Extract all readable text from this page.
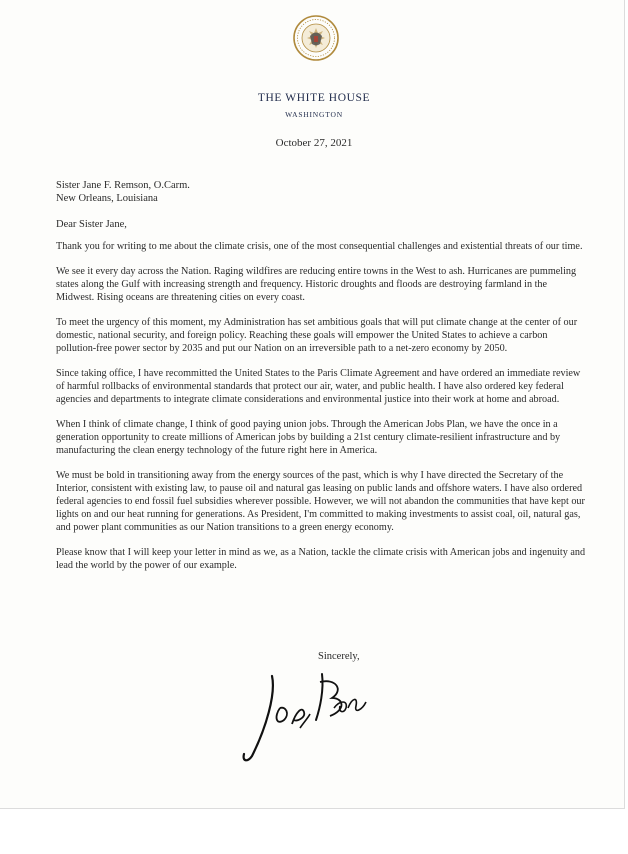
THE WHITE HOUSE
WASHINGTON
October 27, 2021
Sister Jane F. Remson, O.Carm.
New Orleans, Louisiana
Dear Sister Jane,

Thank you for writing to me about the climate crisis, one of the most consequential challenges and existential threats of our time.

We see it every day across the Nation. Raging wildfires are reducing entire towns in the West to ash. Hurricanes are pummeling states along the Gulf with increasing strength and frequency. Historic droughts and floods are destroying farmland in the Midwest. Rising oceans are threatening cities on every coast.

To meet the urgency of this moment, my Administration has set ambitious goals that will put climate change at the center of our domestic, national security, and foreign policy. Reaching these goals will empower the United States to achieve a carbon pollution-free power sector by 2035 and put our Nation on an irreversible path to a net-zero economy by 2050.

Since taking office, I have recommitted the United States to the Paris Climate Agreement and have ordered an immediate review of harmful rollbacks of environmental standards that protect our air, water, and public health. I have also ordered key federal agencies and departments to integrate climate considerations and environmental justice into their work at home and abroad.

When I think of climate change, I think of good paying union jobs. Through the American Jobs Plan, we have the once in a generation opportunity to create millions of American jobs by building a 21st century climate-resilient infrastructure and by manufacturing the clean energy technology of the future right here in America.

We must be bold in transitioning away from the energy sources of the past, which is why I have directed the Secretary of the Interior, consistent with existing law, to pause oil and natural gas leasing on public lands and offshore waters. I have also ordered federal agencies to end fossil fuel subsidies wherever possible. However, we will not abandon the communities that have kept our lights on and our heat running for generations. As President, I'm committed to making investments to assist coal, oil, natural gas, and power plant communities as our Nation transitions to a green energy economy.

Please know that I will keep your letter in mind as we, as a Nation, tackle the climate crisis with American jobs and ingenuity and lead the world by the power of our example.

Sincerely,
